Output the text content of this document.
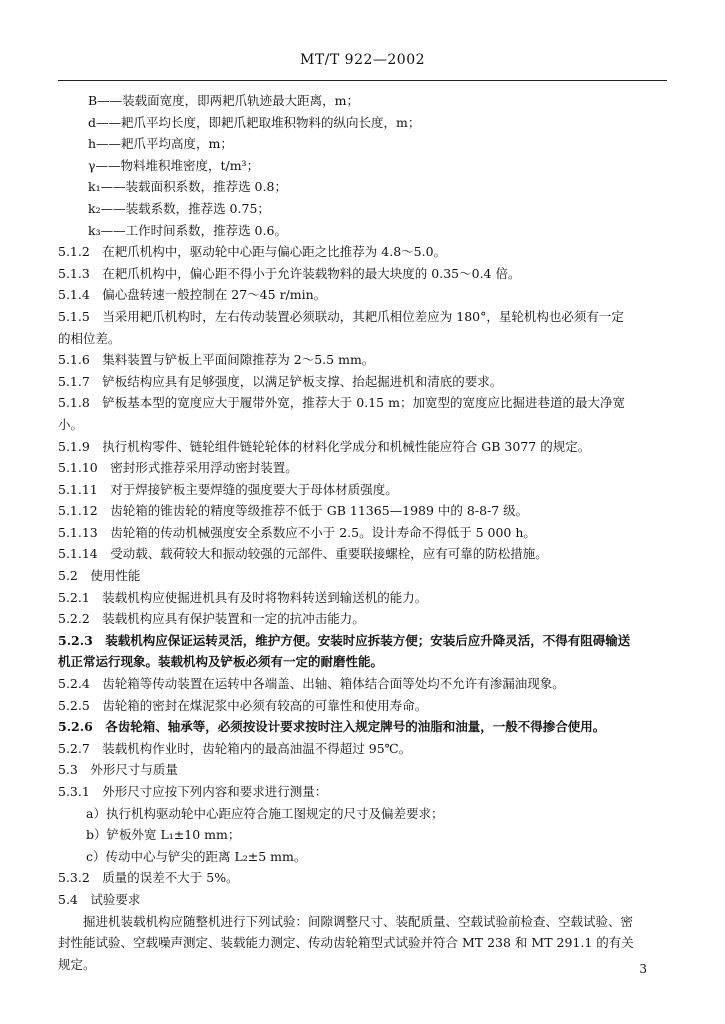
MT/T 922—2002
B——装载面宽度，即两耙爪轨迹最大距离，m；
d——耙爪平均长度，即耙爪耙取堆积物料的纵向长度，m；
h——耙爪平均高度，m；
γ——物料堆积堆密度，t/m³；
k₁——装载面积系数，推荐选 0.8；
k₂——装载系数，推荐选 0.75；
k₃——工作时间系数，推荐选 0.6。
5.1.2　在耙爪机构中，驱动轮中心距与偏心距之比推荐为 4.8～5.0。
5.1.3　在耙爪机构中，偏心距不得小于允许装载物料的最大块度的 0.35～0.4 倍。
5.1.4　偏心盘转速一般控制在 27～45 r/min。
5.1.5　当采用耙爪机构时，左右传动装置必须联动，其耙爪相位差应为 180°，星轮机构也必须有一定
的相位差。
5.1.6　集料装置与铲板上平面间隙推荐为 2～5.5 mm。
5.1.7　铲板结构应具有足够强度，以满足铲板支撑、抬起掘进机和清底的要求。
5.1.8　铲板基本型的宽度应大于履带外宽，推荐大于 0.15 m；加宽型的宽度应比掘进巷道的最大净宽
小。
5.1.9　执行机构零件、链轮组件链轮轮体的材料化学成分和机械性能应符合 GB 3077 的规定。
5.1.10　密封形式推荐采用浮动密封装置。
5.1.11　对于焊接铲板主要焊缝的强度要大于母体材质强度。
5.1.12　齿轮箱的锥齿轮的精度等级推荐不低于 GB 11365—1989 中的 8-8-7 级。
5.1.13　齿轮箱的传动机械强度安全系数应不小于 2.5。设计寿命不得低于 5 000 h。
5.1.14　受动载、载荷较大和振动较强的元部件、重要联接螺栓，应有可靠的防松措施。
5.2　使用性能
5.2.1　装载机构应使掘进机具有及时将物料转送到输送机的能力。
5.2.2　装载机构应具有保护装置和一定的抗冲击能力。
5.2.3　装载机构应保证运转灵活，维护方便。安装时应拆装方便；安装后应升降灵活，不得有阻碍输送
机正常运行现象。装载机构及铲板必须有一定的耐磨性能。
5.2.4　齿轮箱等传动装置在运转中各端盖、出轴、箱体结合面等处均不允许有渗漏油现象。
5.2.5　齿轮箱的密封在煤泥浆中必须有较高的可靠性和使用寿命。
5.2.6　各齿轮箱、轴承等，必须按设计要求按时注入规定牌号的油脂和油量，一般不得掺合使用。
5.2.7　装载机构作业时，齿轮箱内的最高油温不得超过 95℃。
5.3　外形尺寸与质量
5.3.1　外形尺寸应按下列内容和要求进行测量：
a）执行机构驱动轮中心距应符合施工图规定的尺寸及偏差要求；
b）铲板外宽 L₁±10 mm；
c）传动中心与铲尖的距离 L₂±5 mm。
5.3.2　质量的误差不大于 5%。
5.4　试验要求
　　掘进机装载机构应随整机进行下列试验：间隙调整尺寸、装配质量、空载试验前检查、空载试验、密
封性能试验、空载噪声测定、装载能力测定、传动齿轮箱型式试验并符合 MT 238 和 MT 291.1 的有关
规定。	3
